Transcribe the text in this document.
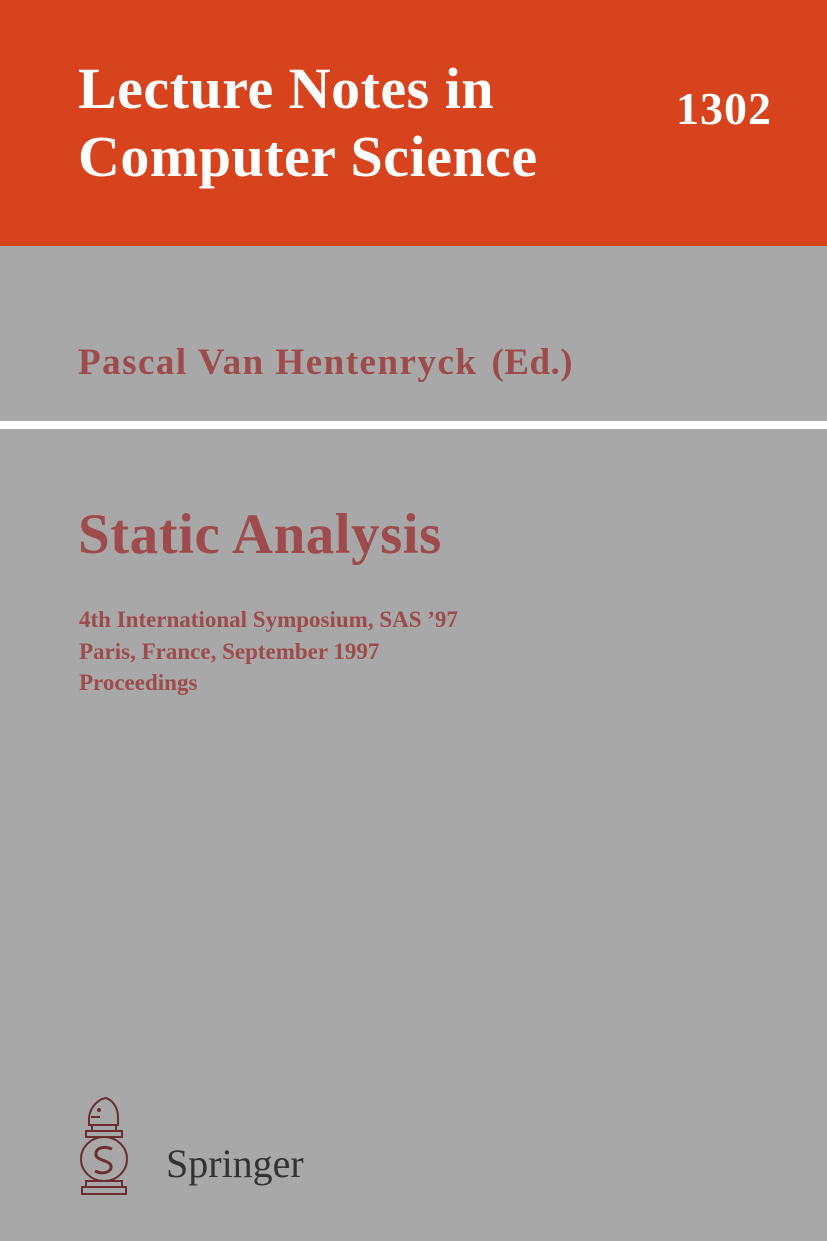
Lecture Notes in
Computer Science
1302
Pascal Van Hentenryck (Ed.)
Static Analysis
4th International Symposium, SAS ’97
Paris, France, September 1997
Proceedings
Springer
